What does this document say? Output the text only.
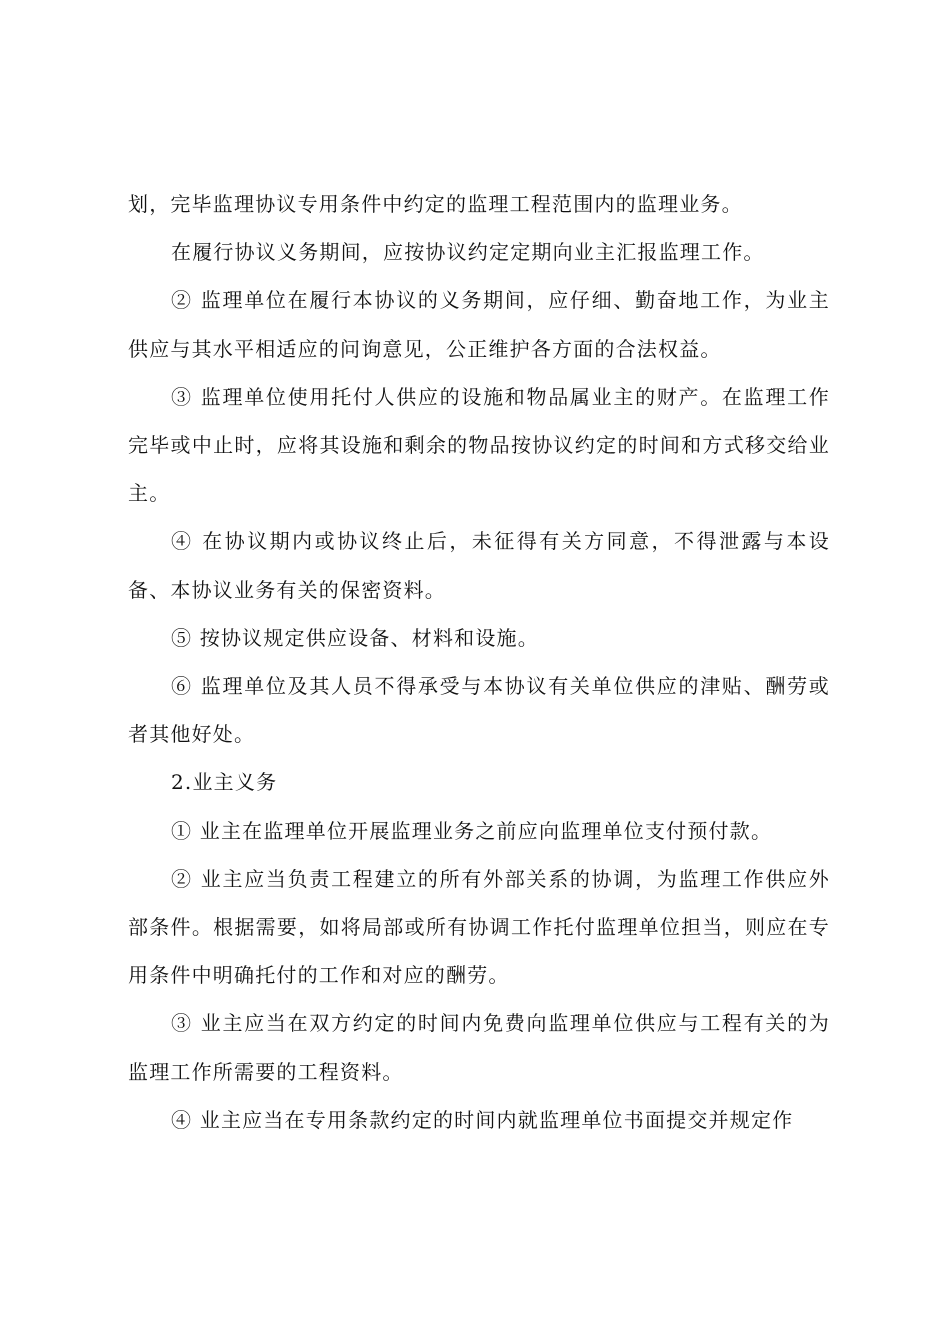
划，完毕监理协议专用条件中约定的监理工程范围内的监理业务。

在履行协议义务期间，应按协议约定定期向业主汇报监理工作。

② 监理单位在履行本协议的义务期间，应仔细、勤奋地工作，为业主供应与其水平相适应的问询意见，公正维护各方面的合法权益。

③ 监理单位使用托付人供应的设施和物品属业主的财产。在监理工作完毕或中止时，应将其设施和剩余的物品按协议约定的时间和方式移交给业主。

④ 在协议期内或协议终止后，未征得有关方同意，不得泄露与本设备、本协议业务有关的保密资料。

⑤ 按协议规定供应设备、材料和设施。

⑥ 监理单位及其人员不得承受与本协议有关单位供应的津贴、酬劳或者其他好处。

2.业主义务

① 业主在监理单位开展监理业务之前应向监理单位支付预付款。

② 业主应当负责工程建立的所有外部关系的协调，为监理工作供应外部条件。根据需要，如将局部或所有协调工作托付监理单位担当，则应在专用条件中明确托付的工作和对应的酬劳。

③ 业主应当在双方约定的时间内免费向监理单位供应与工程有关的为监理工作所需要的工程资料。

④ 业主应当在专用条款约定的时间内就监理单位书面提交并规定作
